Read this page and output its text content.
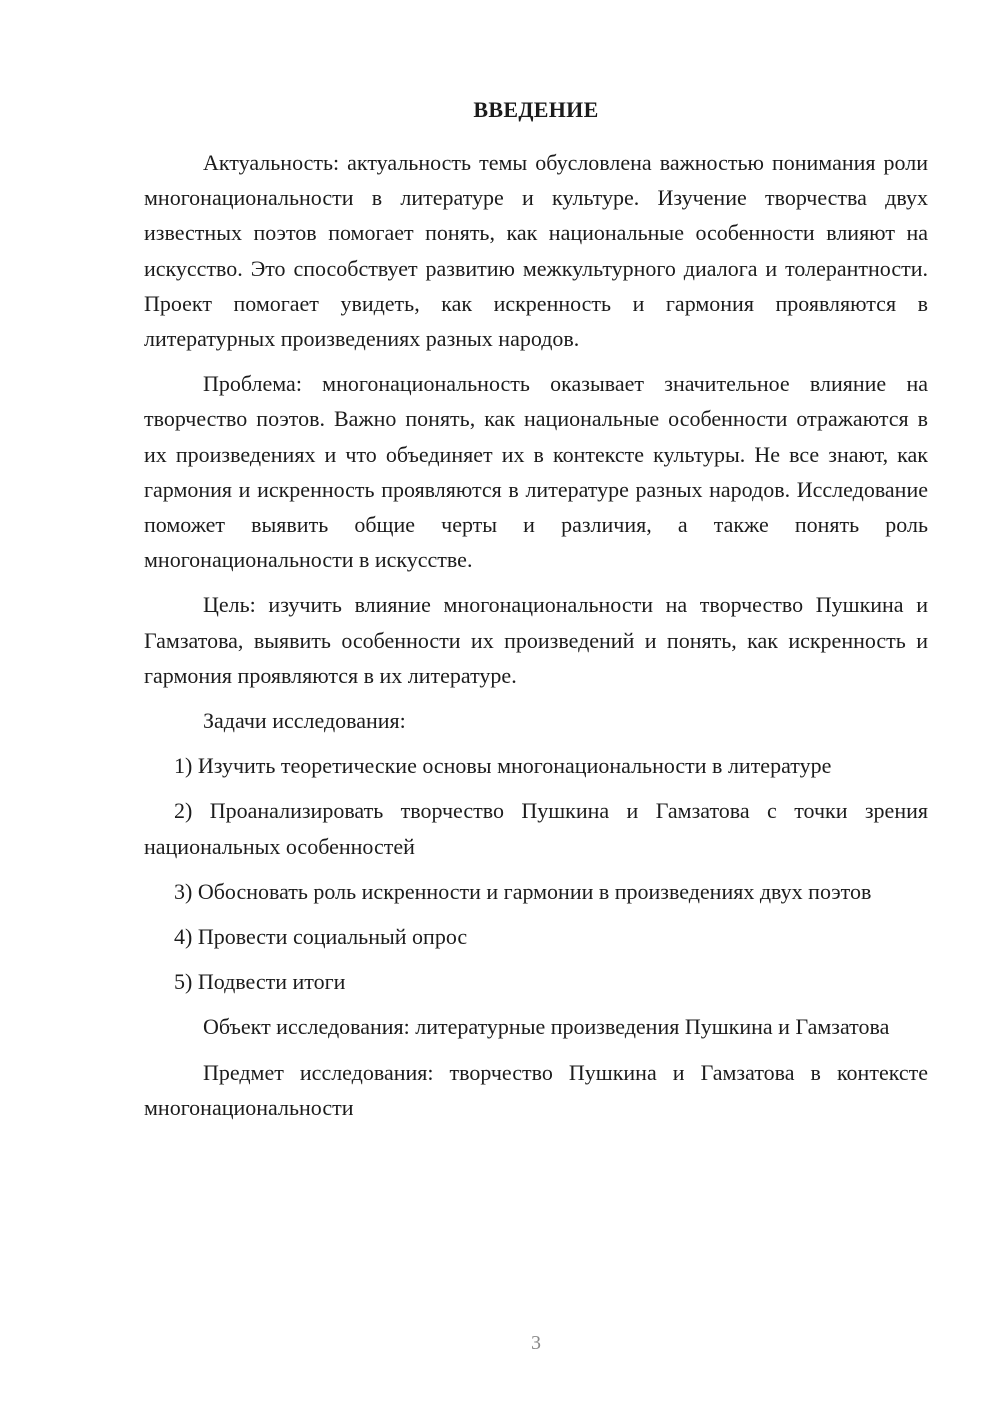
ВВЕДЕНИЕ

Актуальность: актуальность темы обусловлена важностью понимания роли многонациональности в литературе и культуре. Изучение творчества двух известных поэтов помогает понять, как национальные особенности влияют на искусство. Это способствует развитию межкультурного диалога и толерантности. Проект помогает увидеть, как искренность и гармония проявляются в литературных произведениях разных народов.

Проблема: многонациональность оказывает значительное влияние на творчество поэтов. Важно понять, как национальные особенности отражаются в их произведениях и что объединяет их в контексте культуры. Не все знают, как гармония и искренность проявляются в литературе разных народов. Исследование поможет выявить общие черты и различия, а также понять роль многонациональности в искусстве.

Цель: изучить влияние многонациональности на творчество Пушкина и Гамзатова, выявить особенности их произведений и понять, как искренность и гармония проявляются в их литературе.

Задачи исследования:

1) Изучить теоретические основы многонациональности в литературе

2) Проанализировать творчество Пушкина и Гамзатова с точки зрения национальных особенностей

3) Обосновать роль искренности и гармонии в произведениях двух поэтов

4) Провести социальный опрос

5) Подвести итоги

Объект исследования: литературные произведения Пушкина и Гамзатова

Предмет исследования: творчество Пушкина и Гамзатова в контексте многонациональности

3
